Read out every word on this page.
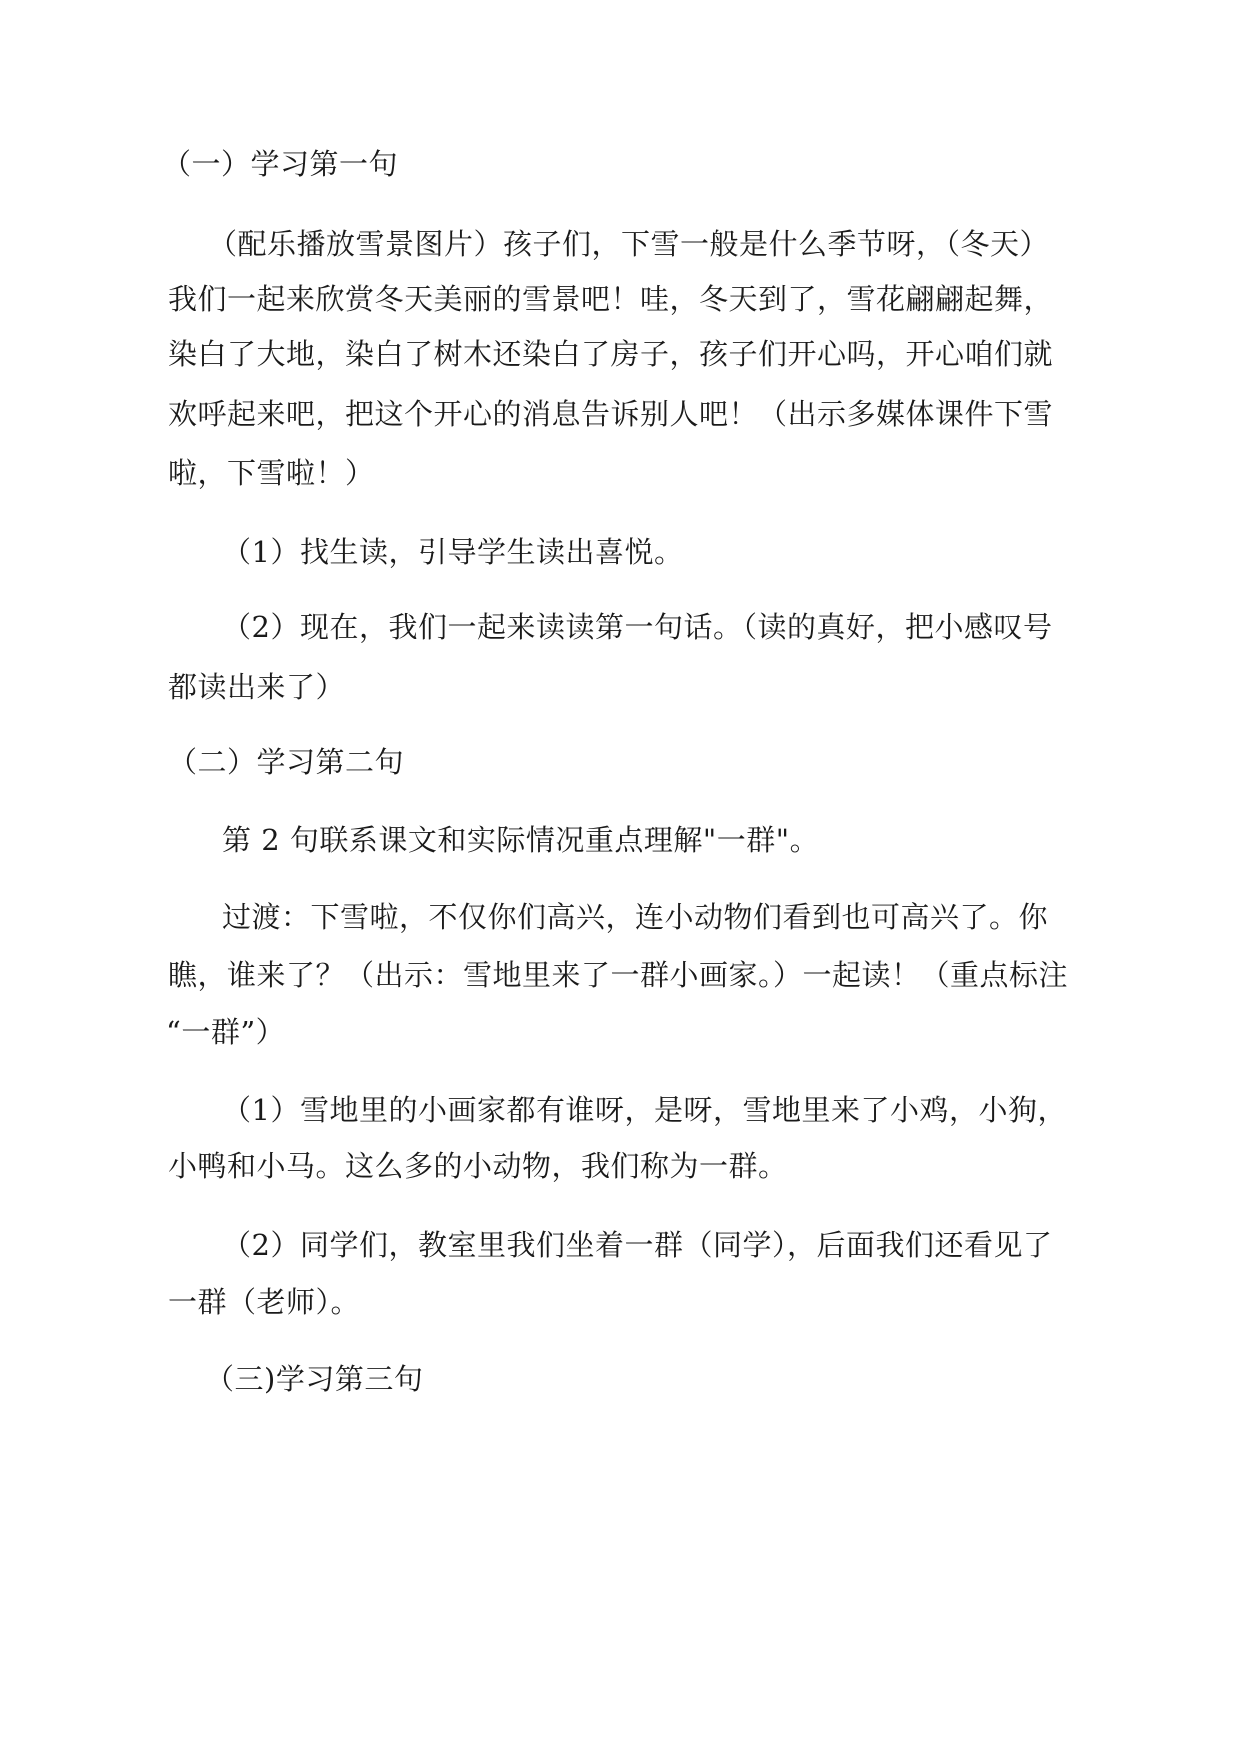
（一）学习第一句
（配乐播放雪景图片）孩子们，下雪一般是什么季节呀，（冬天）
我们一起来欣赏冬天美丽的雪景吧！哇，冬天到了，雪花翩翩起舞，
染白了大地，染白了树木还染白了房子，孩子们开心吗，开心咱们就
欢呼起来吧，把这个开心的消息告诉别人吧！（出示多媒体课件下雪
啦，下雪啦！）
（1）找生读，引导学生读出喜悦。
（2）现在，我们一起来读读第一句话。（读的真好，把小感叹号
都读出来了）
（二）学习第二句
第 2 句联系课文和实际情况重点理解"一群"。
过渡：下雪啦，不仅你们高兴，连小动物们看到也可高兴了。你
瞧，谁来了？（出示：雪地里来了一群小画家。）一起读！（重点标注
“一群”）
（1）雪地里的小画家都有谁呀，是呀，雪地里来了小鸡，小狗，
小鸭和小马。这么多的小动物，我们称为一群。
（2）同学们，教室里我们坐着一群（同学），后面我们还看见了
一群（老师）。
（三)学习第三句
